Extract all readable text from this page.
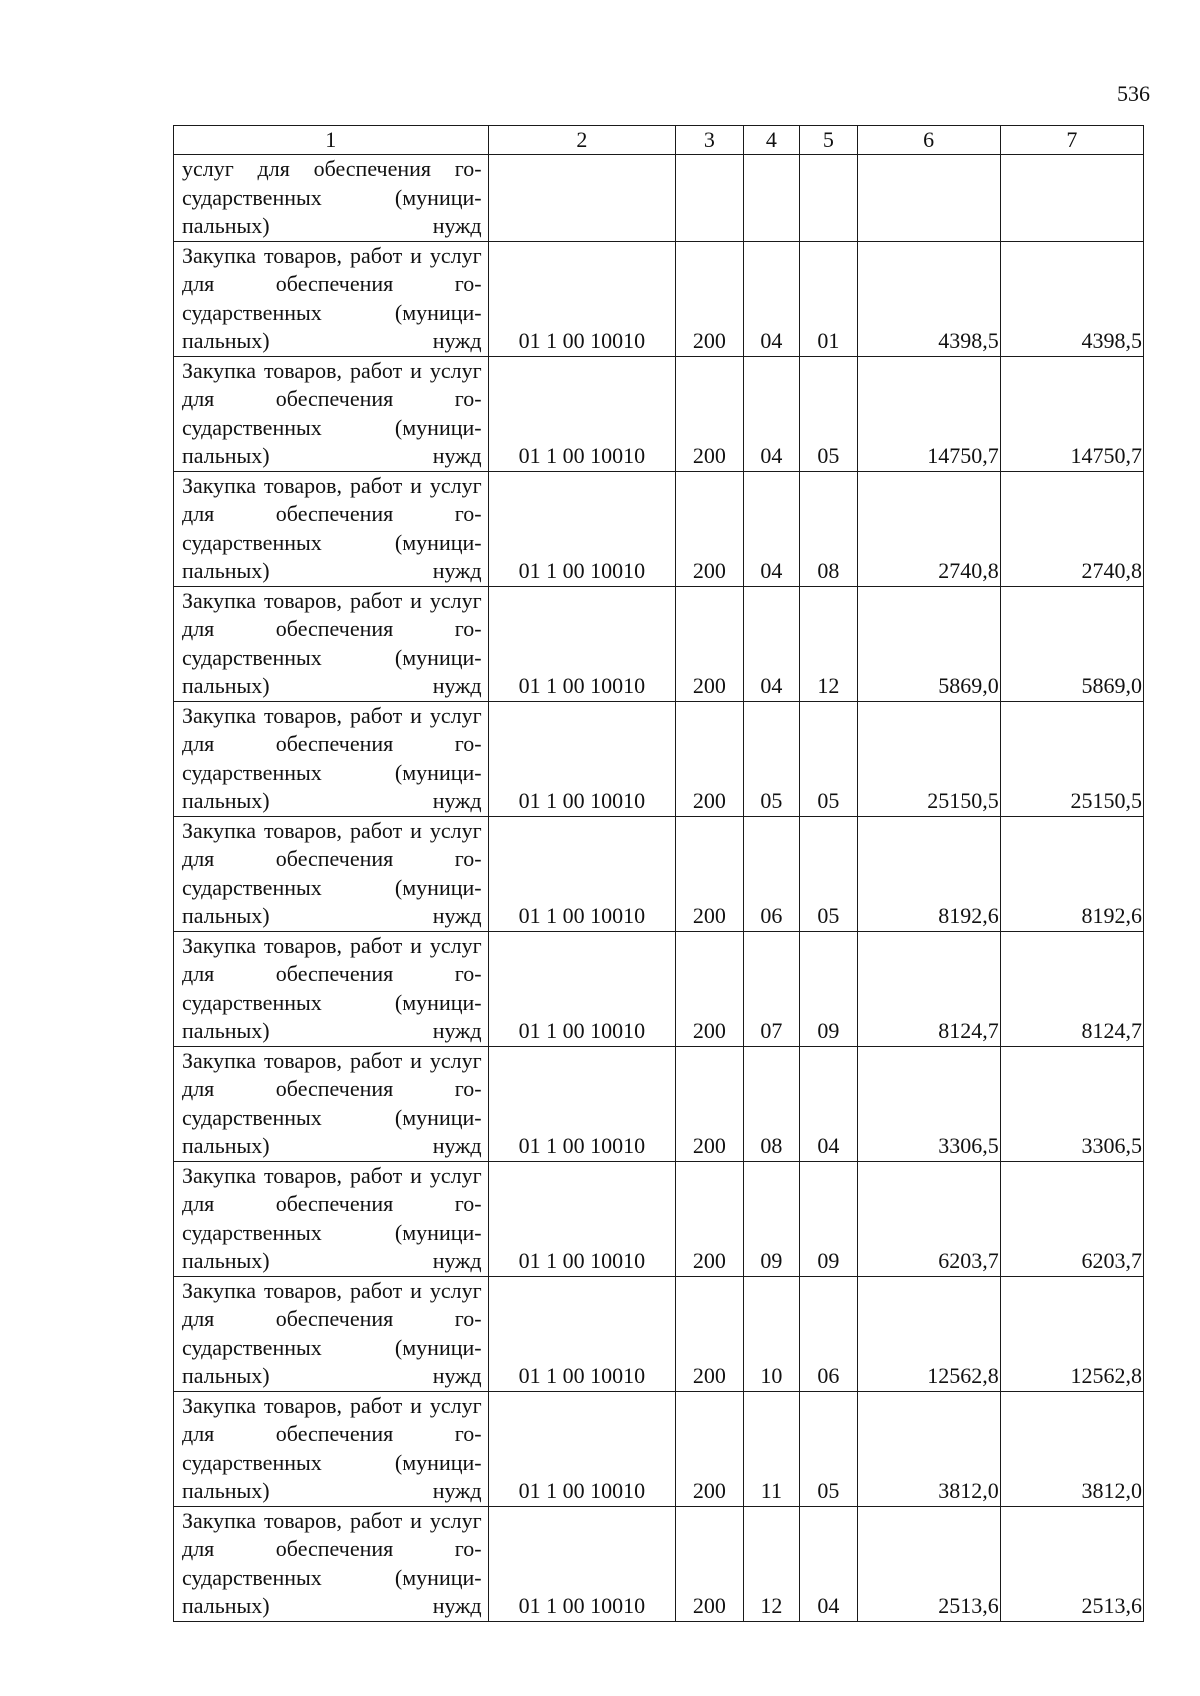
536
1	2	3	4	5	6	7

услуг для обеспечения го-
сударственных (муници-
пальных) нужд						

Закупка товаров, работ и услуг для обеспечения го-
сударственных (муници-
пальных) нужд	01 1 00 10010	200	04	01	4398,5	4398,5

Закупка товаров, работ и услуг для обеспечения го-
сударственных (муници-
пальных) нужд	01 1 00 10010	200	04	05	14750,7	14750,7

Закупка товаров, работ и услуг для обеспечения го-
сударственных (муници-
пальных) нужд	01 1 00 10010	200	04	08	2740,8	2740,8

Закупка товаров, работ и услуг для обеспечения го-
сударственных (муници-
пальных) нужд	01 1 00 10010	200	04	12	5869,0	5869,0

Закупка товаров, работ и услуг для обеспечения го-
сударственных (муници-
пальных) нужд	01 1 00 10010	200	05	05	25150,5	25150,5

Закупка товаров, работ и услуг для обеспечения го-
сударственных (муници-
пальных) нужд	01 1 00 10010	200	06	05	8192,6	8192,6

Закупка товаров, работ и услуг для обеспечения го-
сударственных (муници-
пальных) нужд	01 1 00 10010	200	07	09	8124,7	8124,7

Закупка товаров, работ и услуг для обеспечения го-
сударственных (муници-
пальных) нужд	01 1 00 10010	200	08	04	3306,5	3306,5

Закупка товаров, работ и услуг для обеспечения го-
сударственных (муници-
пальных) нужд	01 1 00 10010	200	09	09	6203,7	6203,7

Закупка товаров, работ и услуг для обеспечения го-
сударственных (муници-
пальных) нужд	01 1 00 10010	200	10	06	12562,8	12562,8

Закупка товаров, работ и услуг для обеспечения го-
сударственных (муници-
пальных) нужд	01 1 00 10010	200	11	05	3812,0	3812,0

Закупка товаров, работ и услуг для обеспечения го-
сударственных (муници-
пальных) нужд	01 1 00 10010	200	12	04	2513,6	2513,6
